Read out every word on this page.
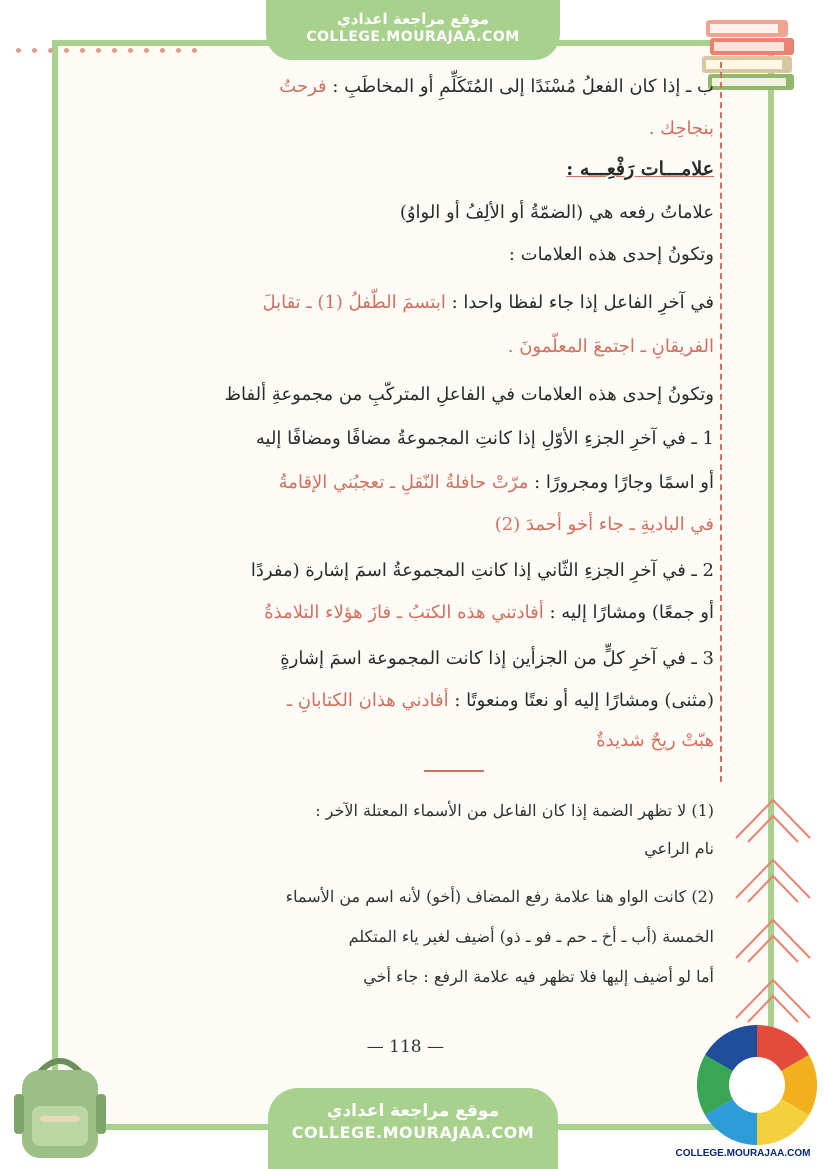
موقع مراجعة اعدادي
COLLEGE.MOURAJAA.COM
ب ـ إذا كان الفعلُ مُسْنَدًا إلى المُتَكَلِّمِ أو المخاطَبِ : فرحتُ
بنجاحِك .
علامـــات رَفْعِـــه :
علاماتُ رفعه هي (الضمّةُ أو الألِفُ أو الواوُ)
وتكونُ إحدى هذه العلامات :
في آخرِ الفاعل إذا جاء لفظا واحدا : ابتسمَ الطّفلُ (1) ـ تقابلَ
الفريقانِ ـ اجتمعَ المعلّمونَ .
وتكونُ إحدى هذه العلامات في الفاعلِ المتركّبِ من مجموعةِ ألفاظ
1 ـ في آخرِ الجزءِ الأوّلِ إذا كانتِ المجموعةُ مضافًا ومضافًا إليه
أو اسمًا وجارًا ومجرورًا : مرّتْ حافلةُ النّقلِ ـ تعجبُني الإقامةُ
في الباديةِ ـ جاء أخو أحمدَ (2)
2 ـ في آخرِ الجزءِ الثّاني إذا كانتِ المجموعةُ اسمَ إشارة (مفردًا
أو جمعًا) ومشارًا إليه : أفادتني هذه الكتبُ ـ فازَ هؤلاء التلامذةُ
3 ـ في آخرِ كلٍّ من الجزأين إذا كانت المجموعة اسمَ إشارةٍ
(مثنى) ومشارًا إليه أو نعتًا ومنعوتًا : أفادني هذان الكتابانِ ـ
هبّتْ ريحٌ شديدةٌ
(1) لا تظهر الضمة إذا كان الفاعل من الأسماء المعتلة الآخر :
نام الراعي
(2) كانت الواو هنا علامة رفع المضاف (أخو) لأنه اسم من الأسماء
الخمسة (أب ـ أخ ـ حم ـ فو ـ ذو) أضيف لغير ياء المتكلم
أما لو أضيف إليها فلا تظهر فيه علامة الرفع : جاء أخي
— 118 —
موقع مراجعة اعدادي
COLLEGE.MOURAJAA.COM
COLLEGE.MOURAJAA.COM
